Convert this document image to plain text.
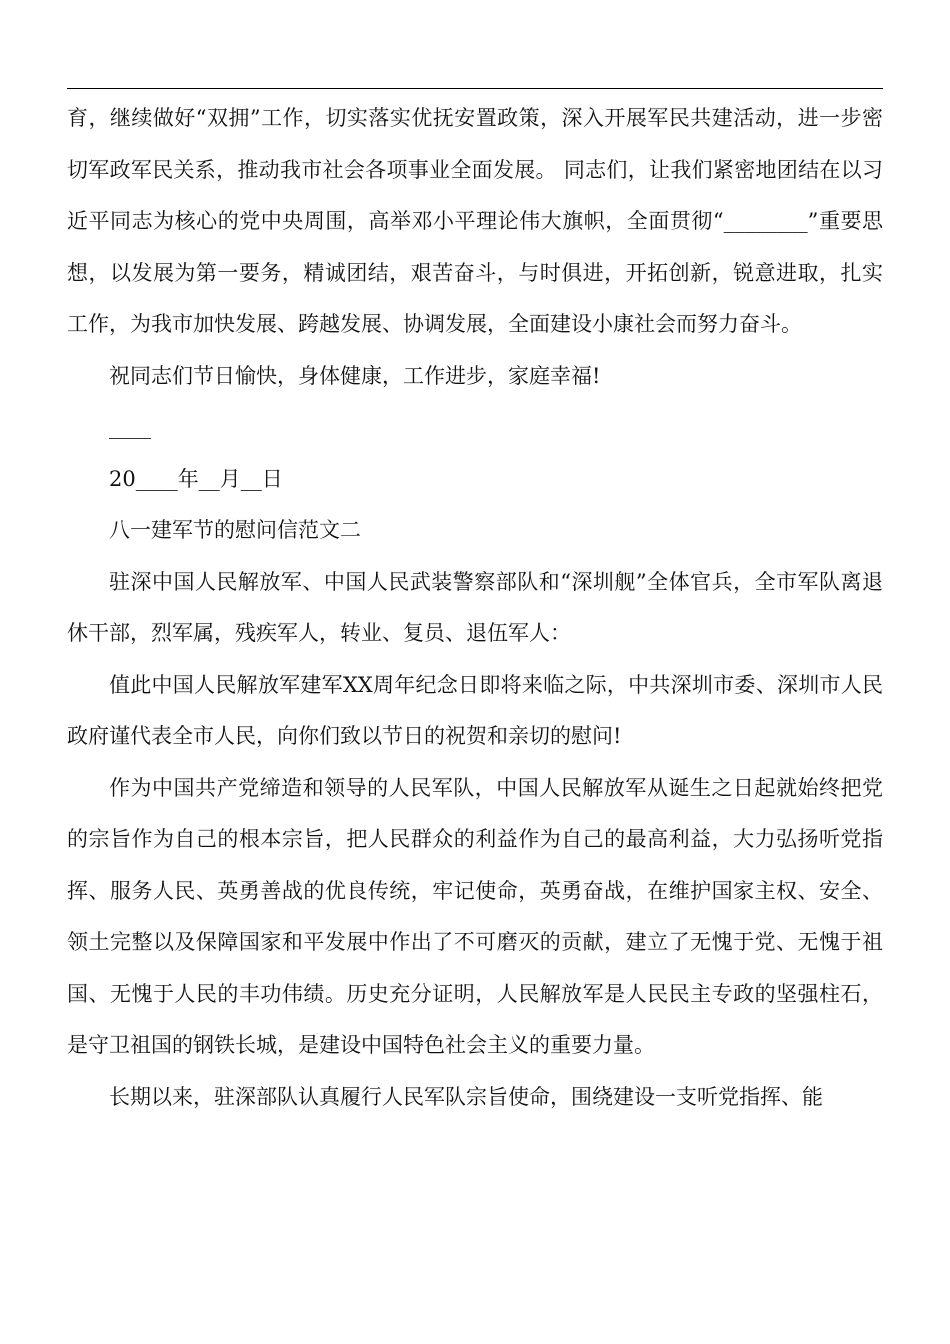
育，继续做好“双拥”工作，切实落实优抚安置政策，深入开展军民共建活动，进一步密切军政军民关系，推动我市社会各项事业全面发展。 同志们，让我们紧密地团结在以习近平同志为核心的党中央周围，高举邓小平理论伟大旗帜，全面贯彻“________”重要思想，以发展为第一要务，精诚团结，艰苦奋斗，与时俱进，开拓创新，锐意进取，扎实工作，为我市加快发展、跨越发展、协调发展，全面建设小康社会而努力奋斗。

祝同志们节日愉快，身体健康，工作进步，家庭幸福!

____

20____年__月__日

八一建军节的慰问信范文二

驻深中国人民解放军、中国人民武装警察部队和“深圳舰”全体官兵，全市军队离退休干部，烈军属，残疾军人，转业、复员、退伍军人：

值此中国人民解放军建军XX周年纪念日即将来临之际，中共深圳市委、深圳市人民政府谨代表全市人民，向你们致以节日的祝贺和亲切的慰问!

作为中国共产党缔造和领导的人民军队，中国人民解放军从诞生之日起就始终把党的宗旨作为自己的根本宗旨，把人民群众的利益作为自己的最高利益，大力弘扬听党指挥、服务人民、英勇善战的优良传统，牢记使命，英勇奋战，在维护国家主权、安全、领土完整以及保障国家和平发展中作出了不可磨灭的贡献，建立了无愧于党、无愧于祖国、无愧于人民的丰功伟绩。历史充分证明，人民解放军是人民民主专政的坚强柱石，是守卫祖国的钢铁长城，是建设中国特色社会主义的重要力量。

长期以来，驻深部队认真履行人民军队宗旨使命，围绕建设一支听党指挥、能
